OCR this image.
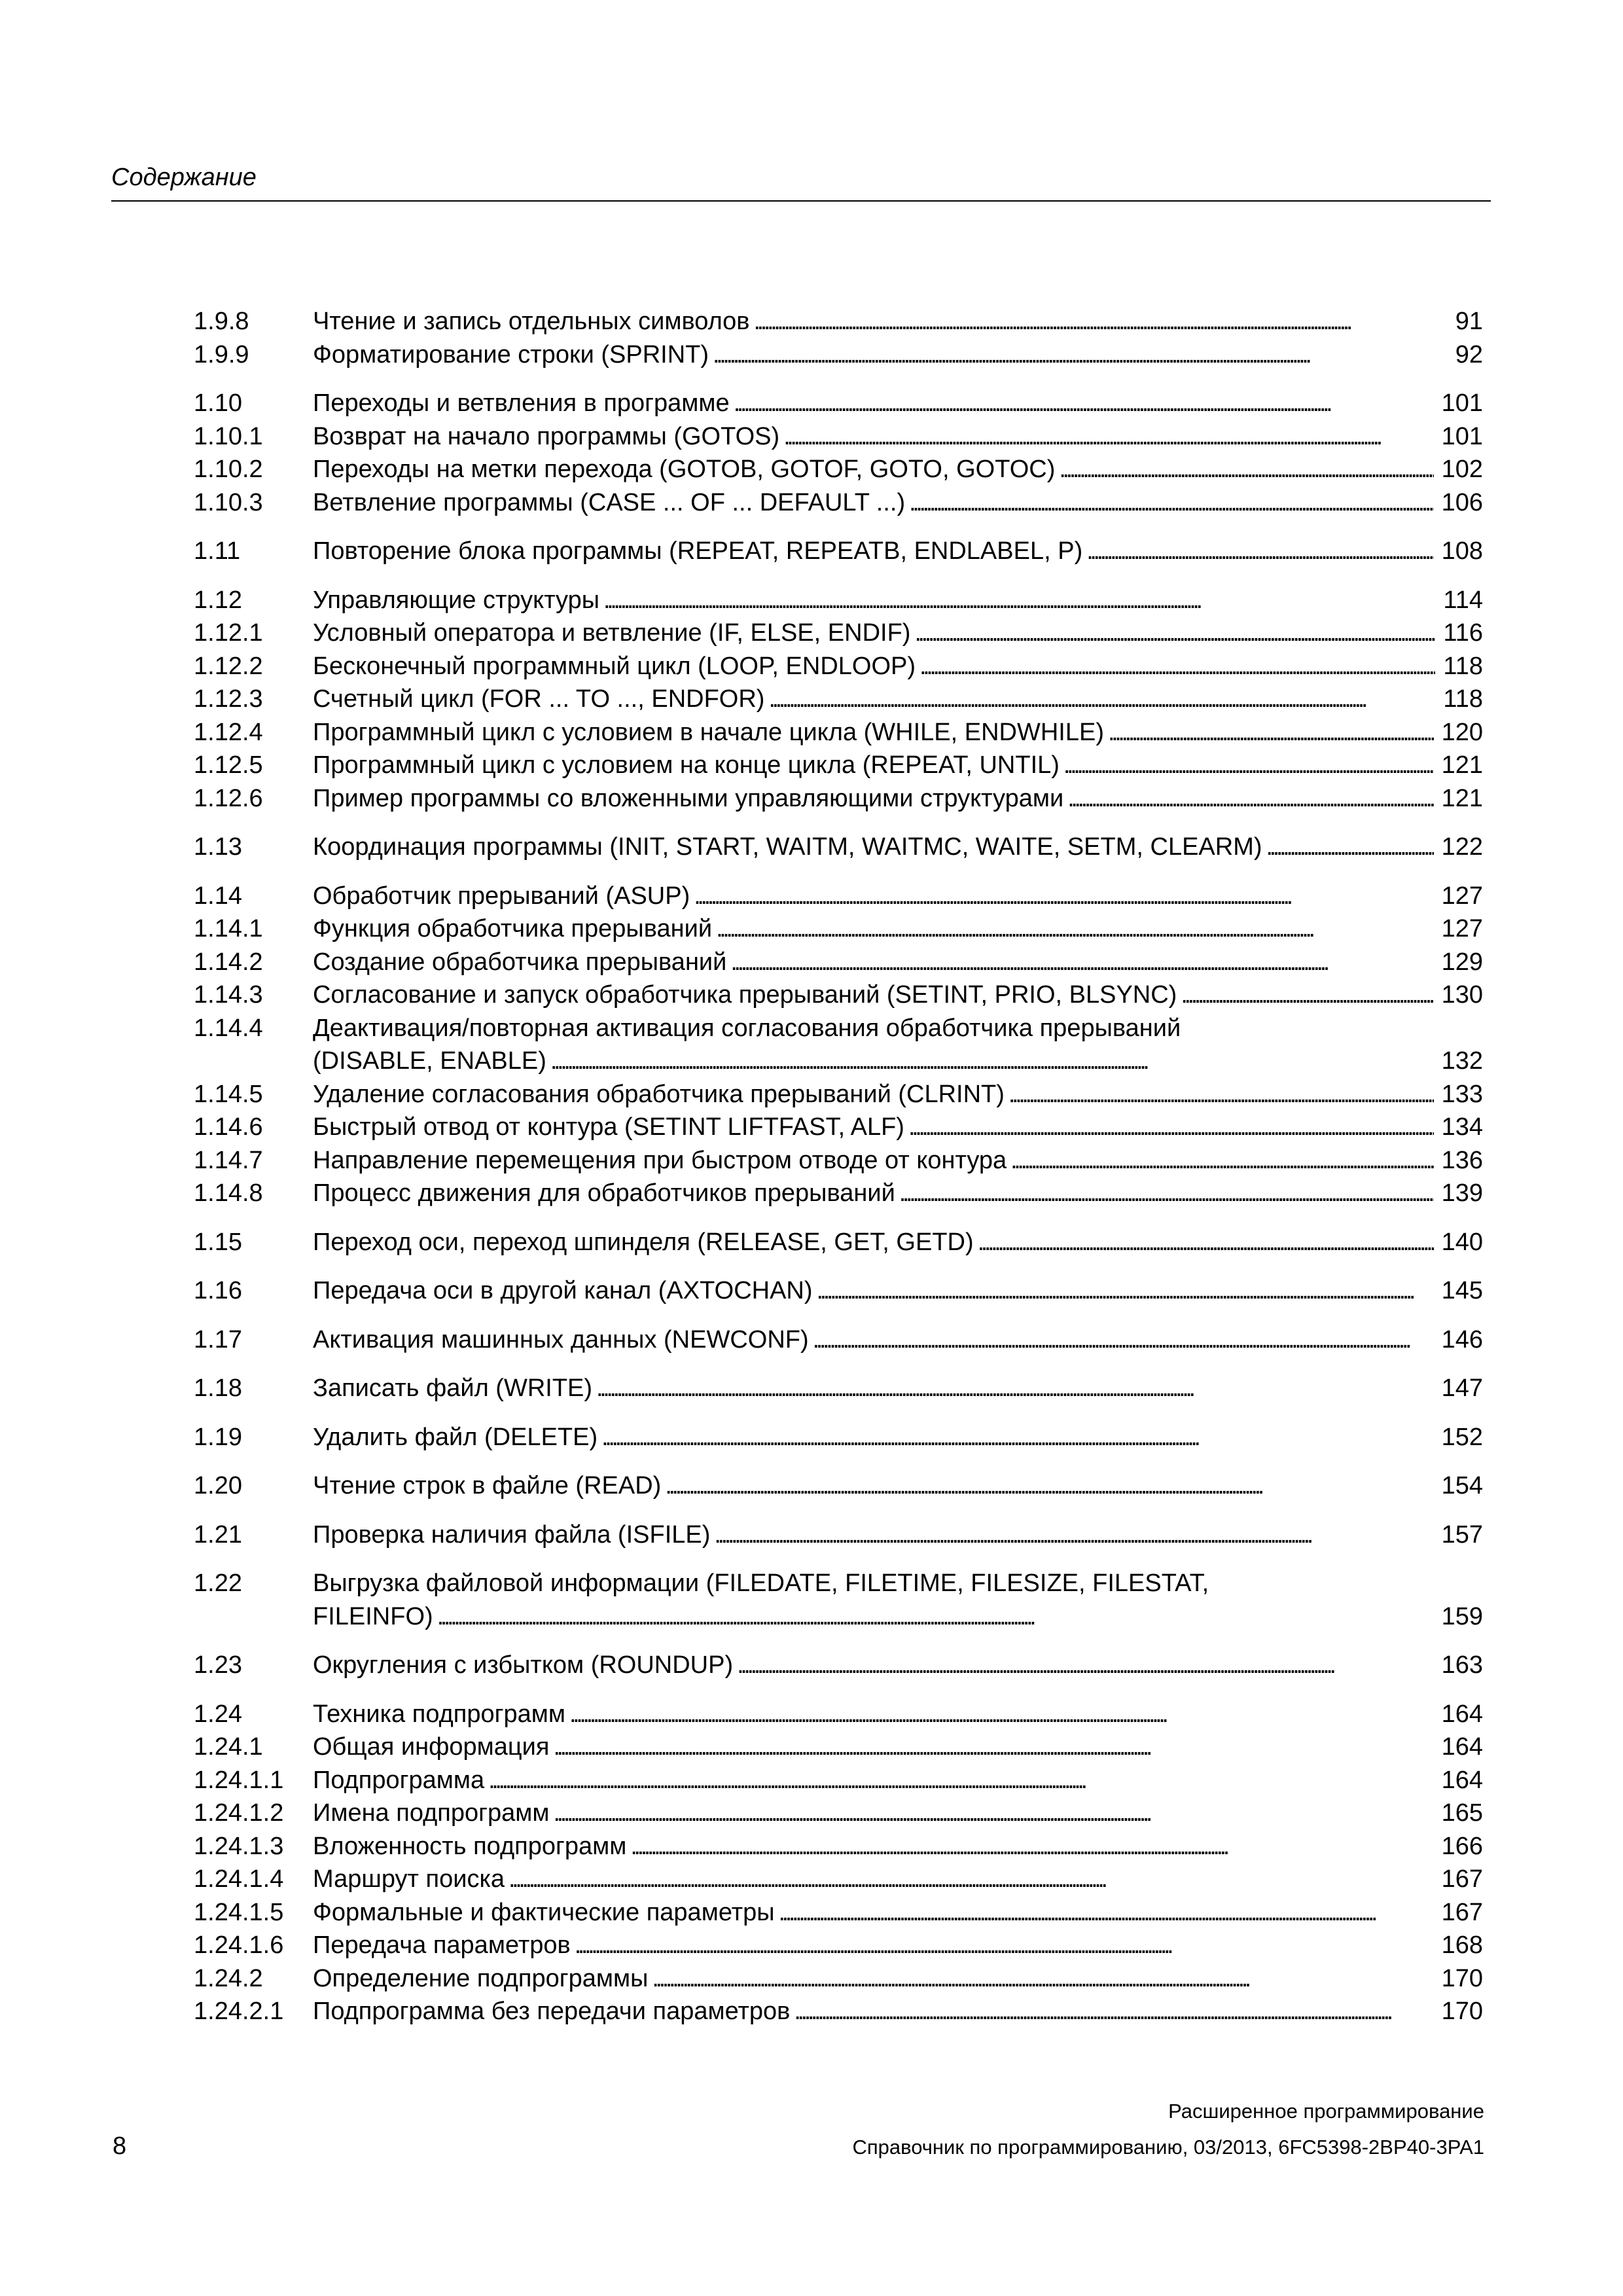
Содержание
1.9.8	Чтение и запись отдельных символов . . .	91
1.9.9	Форматирование строки (SPRINT) . . .	92
1.10	Переходы и ветвления в программе . . .	101
1.10.1 Возврат на начало программы (GOTOS) . . .	101
1.10.2 Переходы на метки перехода (GOTOB, GOTOF, GOTO, GOTOC) . . .	102
1.10.3 Ветвление программы (CASE ... OF ... DEFAULT ...) . . .	106
1.11	Повторение блока программы (REPEAT, REPEATB, ENDLABEL, P) . . .	108
1.12	Управляющие структуры . . .	114
1.12.1 Условный оператора и ветвление (IF, ELSE, ENDIF) . . .	116
1.12.2 Бесконечный программный цикл (LOOP, ENDLOOP) . . .	118
1.12.3 Счетный цикл (FOR ... TO ..., ENDFOR) . . .	118
1.12.4 Программный цикл с условием в начале цикла (WHILE, ENDWHILE) . . .	120
1.12.5 Программный цикл с условием на конце цикла (REPEAT, UNTIL) . . .	121
1.12.6 Пример программы со вложенными управляющими структурами . . .	121
1.13	Координация программы (INIT, START, WAITM, WAITMC, WAITE, SETM, CLEARM) . . .	122
1.14	Обработчик прерываний (ASUP) . . .	127
1.14.1 Функция обработчика прерываний . . .	127
1.14.2 Создание обработчика прерываний . . .	129
1.14.3 Согласование и запуск обработчика прерываний (SETINT, PRIO, BLSYNC) . . .	130
1.14.4 Деактивация/повторная активация согласования обработчика прерываний
(DISABLE, ENABLE) . . .	132
1.14.5 Удаление согласования обработчика прерываний (CLRINT) . . .	133
1.14.6 Быстрый отвод от контура (SETINT LIFTFAST, ALF) . . .	134
1.14.7 Направление перемещения при быстром отводе от контура . . .	136
1.14.8 Процесс движения для обработчиков прерываний . . .	139
1.15	Переход оси, переход шпинделя (RELEASE, GET, GETD) . . .	140
1.16	Передача оси в другой канал (AXTOCHAN) . . .	145
1.17	Активация машинных данных (NEWCONF) . . .	146
1.18	Записать файл (WRITE) . . .	147
1.19	Удалить файл (DELETE) . . .	152
1.20	Чтение строк в файле (READ) . . .	154
1.21	Проверка наличия файла (ISFILE) . . .	157
1.22	Выгрузка файловой информации (FILEDATE, FILETIME, FILESIZE, FILESTAT,
FILEINFO) . . .	159
1.23	Округления с избытком (ROUNDUP) . . .	163
1.24	Техника подпрограмм . . .	164
1.24.1 Общая информация . . .	164
1.24.1.1 Подпрограмма . . .	164
1.24.1.2 Имена подпрограмм . . .	165
1.24.1.3 Вложенность подпрограмм . . .	166
1.24.1.4 Маршрут поиска . . .	167
1.24.1.5 Формальные и фактические параметры . . .	167
1.24.1.6 Передача параметров . . .	168
1.24.2 Определение подпрограммы . . .	170
1.24.2.1 Подпрограмма без передачи параметров . . .	170
Расширенное программирование
8	Справочник по программированию, 03/2013, 6FC5398-2BP40-3PA1
